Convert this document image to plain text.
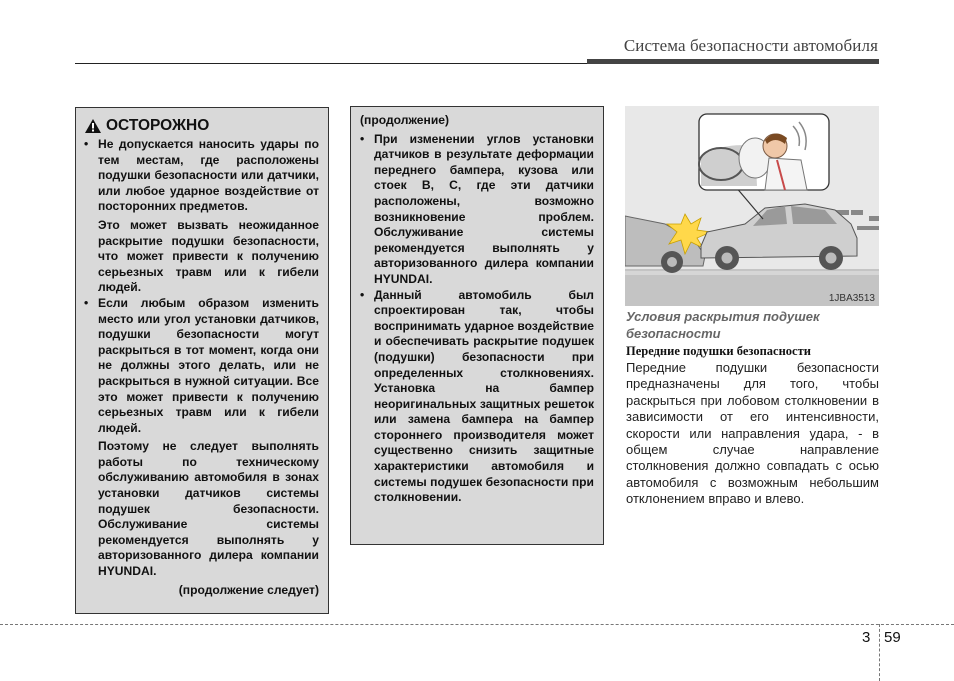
Система безопасности автомобиля
ОСТОРОЖНО
• Не допускается наносить удары по тем местам, где расположены подушки безопасности или датчики, или любое ударное воздействие от посторонних предметов.
Это может вызвать неожиданное раскрытие подушки безопасности, что может привести к получению серьезных травм или к гибели людей.
• Если любым образом изменить место или угол установки датчиков, подушки безопасности могут раскрыться в тот момент, когда они не должны этого делать, или не раскрыться в нужной ситуации. Все это может привести к получению серьезных травм или к гибели людей.
Поэтому не следует выполнять работы по техническому обслуживанию автомобиля в зонах установки датчиков системы подушек безопасности. Обслуживание системы рекомендуется выполнять у авторизованного дилера компании HYUNDAI.
(продолжение следует)
(продолжение)
• При изменении углов установки датчиков в результате деформации переднего бампера, кузова или стоек B, C, где эти датчики расположены, возможно возникновение проблем. Обслуживание системы рекомендуется выполнять у авторизованного дилера компании HYUNDAI.
• Данный автомобиль был спроектирован так, чтобы воспринимать ударное воздействие и обеспечивать раскрытие подушек (подушки) безопасности при определенных столкновениях. Установка на бампер неоригинальных защитных решеток или замена бампера на бампер стороннего производителя может существенно снизить защитные характеристики автомобиля и системы подушек безопасности при столкновении.
1JBA3513
Условия раскрытия подушек безопасности
Передние подушки безопасности
Передние подушки безопасности предназначены для того, чтобы раскрыться при лобовом столкновении в зависимости от его интенсивности, скорости или направления удара, - в общем случае направление столкновения должно совпадать с осью автомобиля с возможным небольшим отклонением вправо и влево.
3 59
